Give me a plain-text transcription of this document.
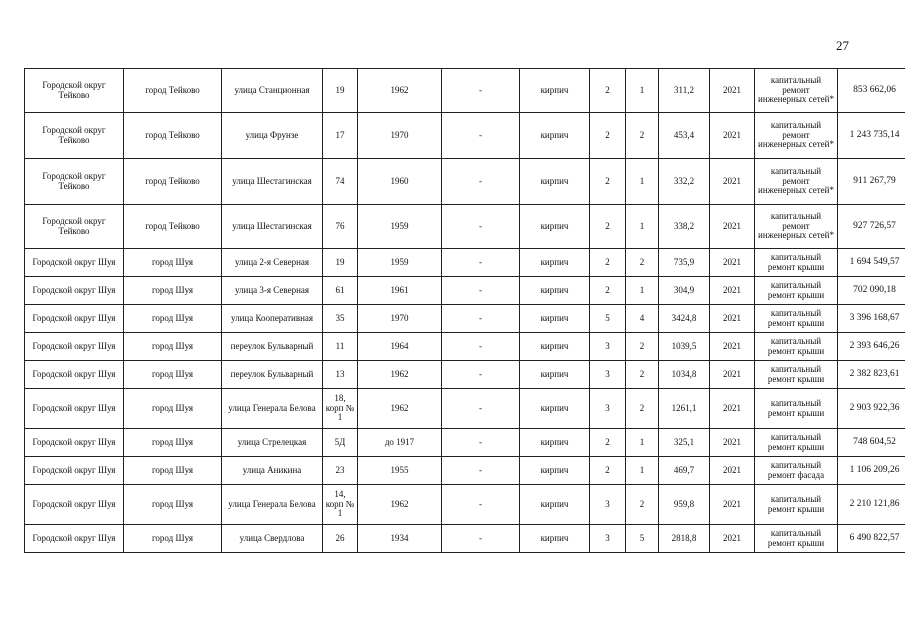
27
Городской округ Тейково	город Тейково	улица Станционная	19	1962	-	кирпич	2	1	311,2	2021	капитальный ремонт инженерных сетей*	853 662,06
Городской округ Тейково	город Тейково	улица Фрунзе	17	1970	-	кирпич	2	2	453,4	2021	капитальный ремонт инженерных сетей*	1 243 735,14
Городской округ Тейково	город Тейково	улица Шестагинская	74	1960	-	кирпич	2	1	332,2	2021	капитальный ремонт инженерных сетей*	911 267,79
Городской округ Тейково	город Тейково	улица Шестагинская	76	1959	-	кирпич	2	1	338,2	2021	капитальный ремонт инженерных сетей*	927 726,57
Городской округ Шуя	город Шуя	улица 2-я Северная	19	1959	-	кирпич	2	2	735,9	2021	капитальный ремонт крыши	1 694 549,57
Городской округ Шуя	город Шуя	улица 3-я Северная	61	1961	-	кирпич	2	1	304,9	2021	капитальный ремонт крыши	702 090,18
Городской округ Шуя	город Шуя	улица Кооперативная	35	1970	-	кирпич	5	4	3424,8	2021	капитальный ремонт крыши	3 396 168,67
Городской округ Шуя	город Шуя	переулок Бульварный	11	1964	-	кирпич	3	2	1039,5	2021	капитальный ремонт крыши	2 393 646,26
Городской округ Шуя	город Шуя	переулок Бульварный	13	1962	-	кирпич	3	2	1034,8	2021	капитальный ремонт крыши	2 382 823,61
Городской округ Шуя	город Шуя	улица Генерала Белова	18, корп № 1	1962	-	кирпич	3	2	1261,1	2021	капитальный ремонт крыши	2 903 922,36
Городской округ Шуя	город Шуя	улица Стрелецкая	5Д	до 1917	-	кирпич	2	1	325,1	2021	капитальный ремонт крыши	748 604,52
Городской округ Шуя	город Шуя	улица Аникина	23	1955	-	кирпич	2	1	469,7	2021	капитальный ремонт фасада	1 106 209,26
Городской округ Шуя	город Шуя	улица Генерала Белова	14, корп № 1	1962	-	кирпич	3	2	959,8	2021	капитальный ремонт крыши	2 210 121,86
Городской округ Шуя	город Шуя	улица Свердлова	26	1934	-	кирпич	3	5	2818,8	2021	капитальный ремонт крыши	6 490 822,57
